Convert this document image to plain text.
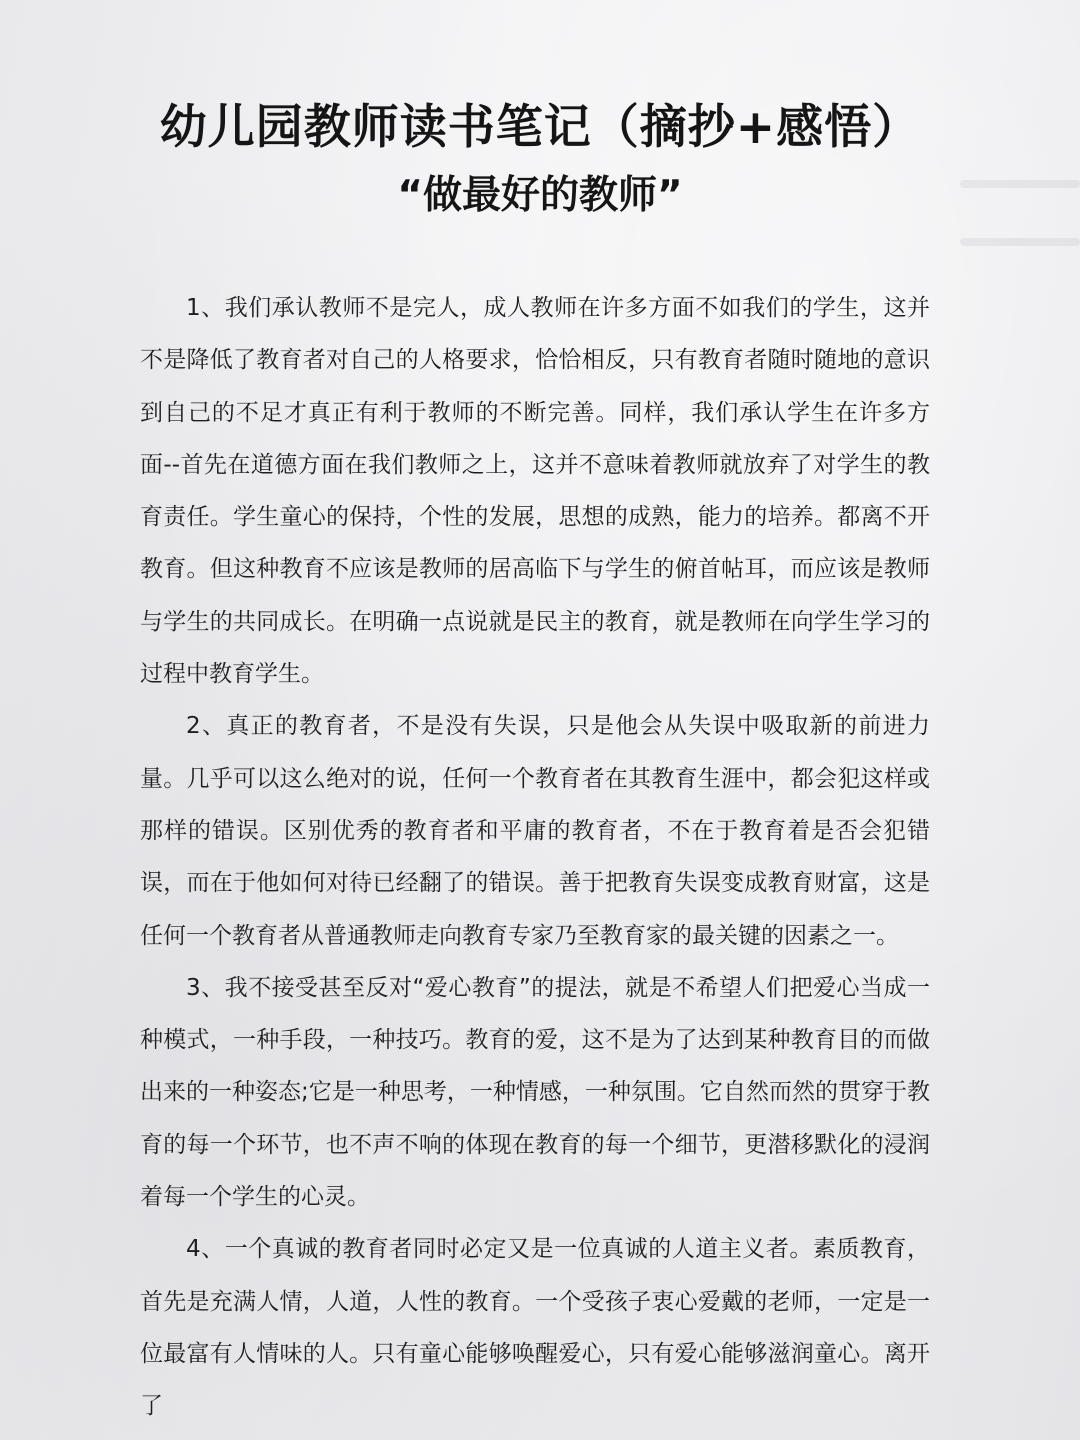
幼儿园教师读书笔记（摘抄+感悟）

“做最好的教师”

1、我们承认教师不是完人，成人教师在许多方面不如我们的学生，这并不是降低了教育者对自己的人格要求，恰恰相反，只有教育者随时随地的意识到自己的不足才真正有利于教师的不断完善。同样，我们承认学生在许多方面--首先在道德方面在我们教师之上，这并不意味着教师就放弃了对学生的教育责任。学生童心的保持，个性的发展，思想的成熟，能力的培养。都离不开教育。但这种教育不应该是教师的居高临下与学生的俯首帖耳，而应该是教师与学生的共同成长。在明确一点说就是民主的教育，就是教师在向学生学习的过程中教育学生。

2、真正的教育者，不是没有失误，只是他会从失误中吸取新的前进力量。几乎可以这么绝对的说，任何一个教育者在其教育生涯中，都会犯这样或那样的错误。区别优秀的教育者和平庸的教育者，不在于教育着是否会犯错误，而在于他如何对待已经翻了的错误。善于把教育失误变成教育财富，这是任何一个教育者从普通教师走向教育专家乃至教育家的最关键的因素之一。

3、我不接受甚至反对“爱心教育”的提法，就是不希望人们把爱心当成一种模式，一种手段，一种技巧。教育的爱，这不是为了达到某种教育目的而做出来的一种姿态;它是一种思考，一种情感，一种氛围。它自然而然的贯穿于教育的每一个环节，也不声不响的体现在教育的每一个细节，更潜移默化的浸润着每一个学生的心灵。

4、一个真诚的教育者同时必定又是一位真诚的人道主义者。素质教育，首先是充满人情，人道，人性的教育。一个受孩子衷心爱戴的老师，一定是一位最富有人情味的人。只有童心能够唤醒爱心，只有爱心能够滋润童心。离开了
